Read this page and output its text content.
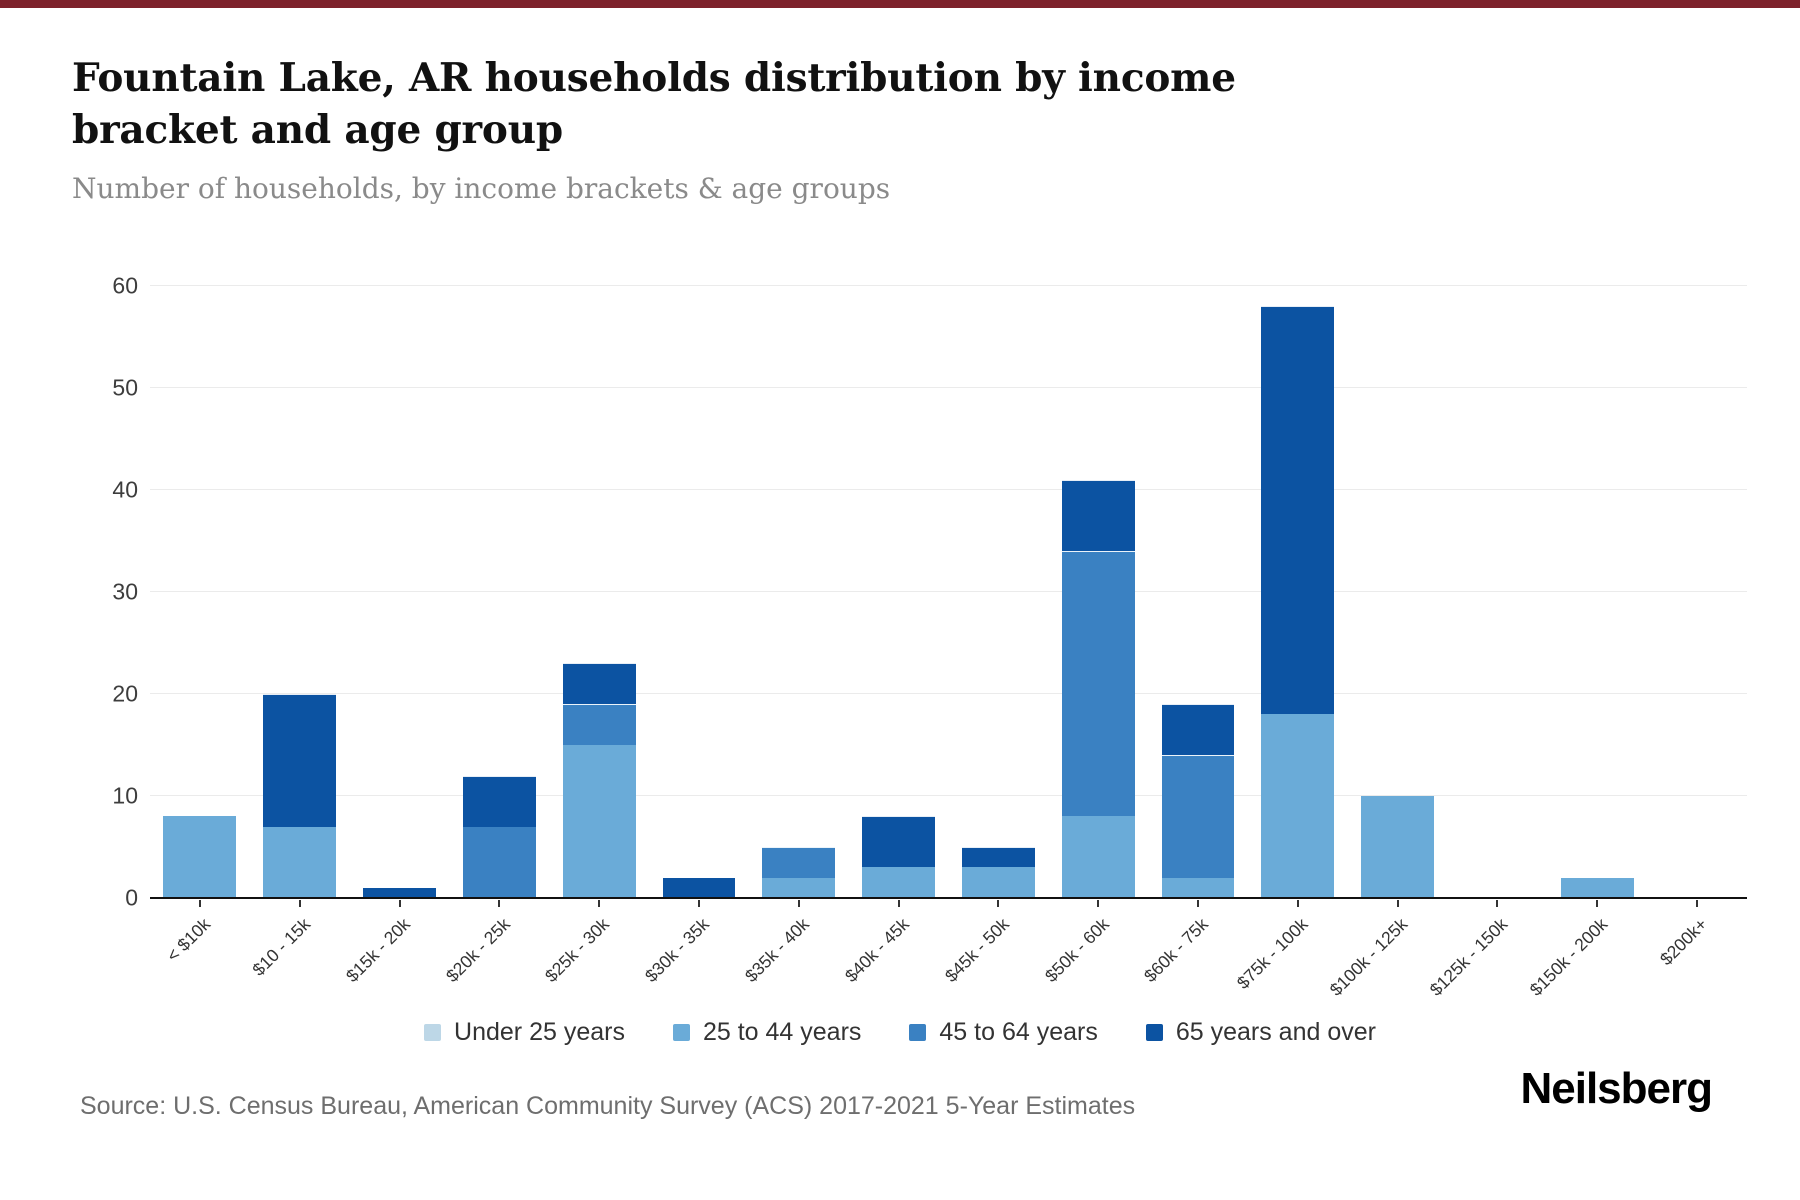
Fountain Lake, AR households distribution by income bracket and age group
Number of households, by income brackets & age groups
0
10
20
30
40
50
60
< $10k $10 - 15k $15k - 20k $20k - 25k $25k - 30k $30k - 35k $35k - 40k $40k - 45k $45k - 50k $50k - 60k $60k - 75k $75k - 100k $100k - 125k $125k - 150k $150k - 200k	$200k+
Under 25 years	25 to 44 years	45 to 64 years	65 years and over
Source: U.S. Census Bureau, American Community Survey (ACS) 2017-2021 5-Year Estimates	Neilsberg
